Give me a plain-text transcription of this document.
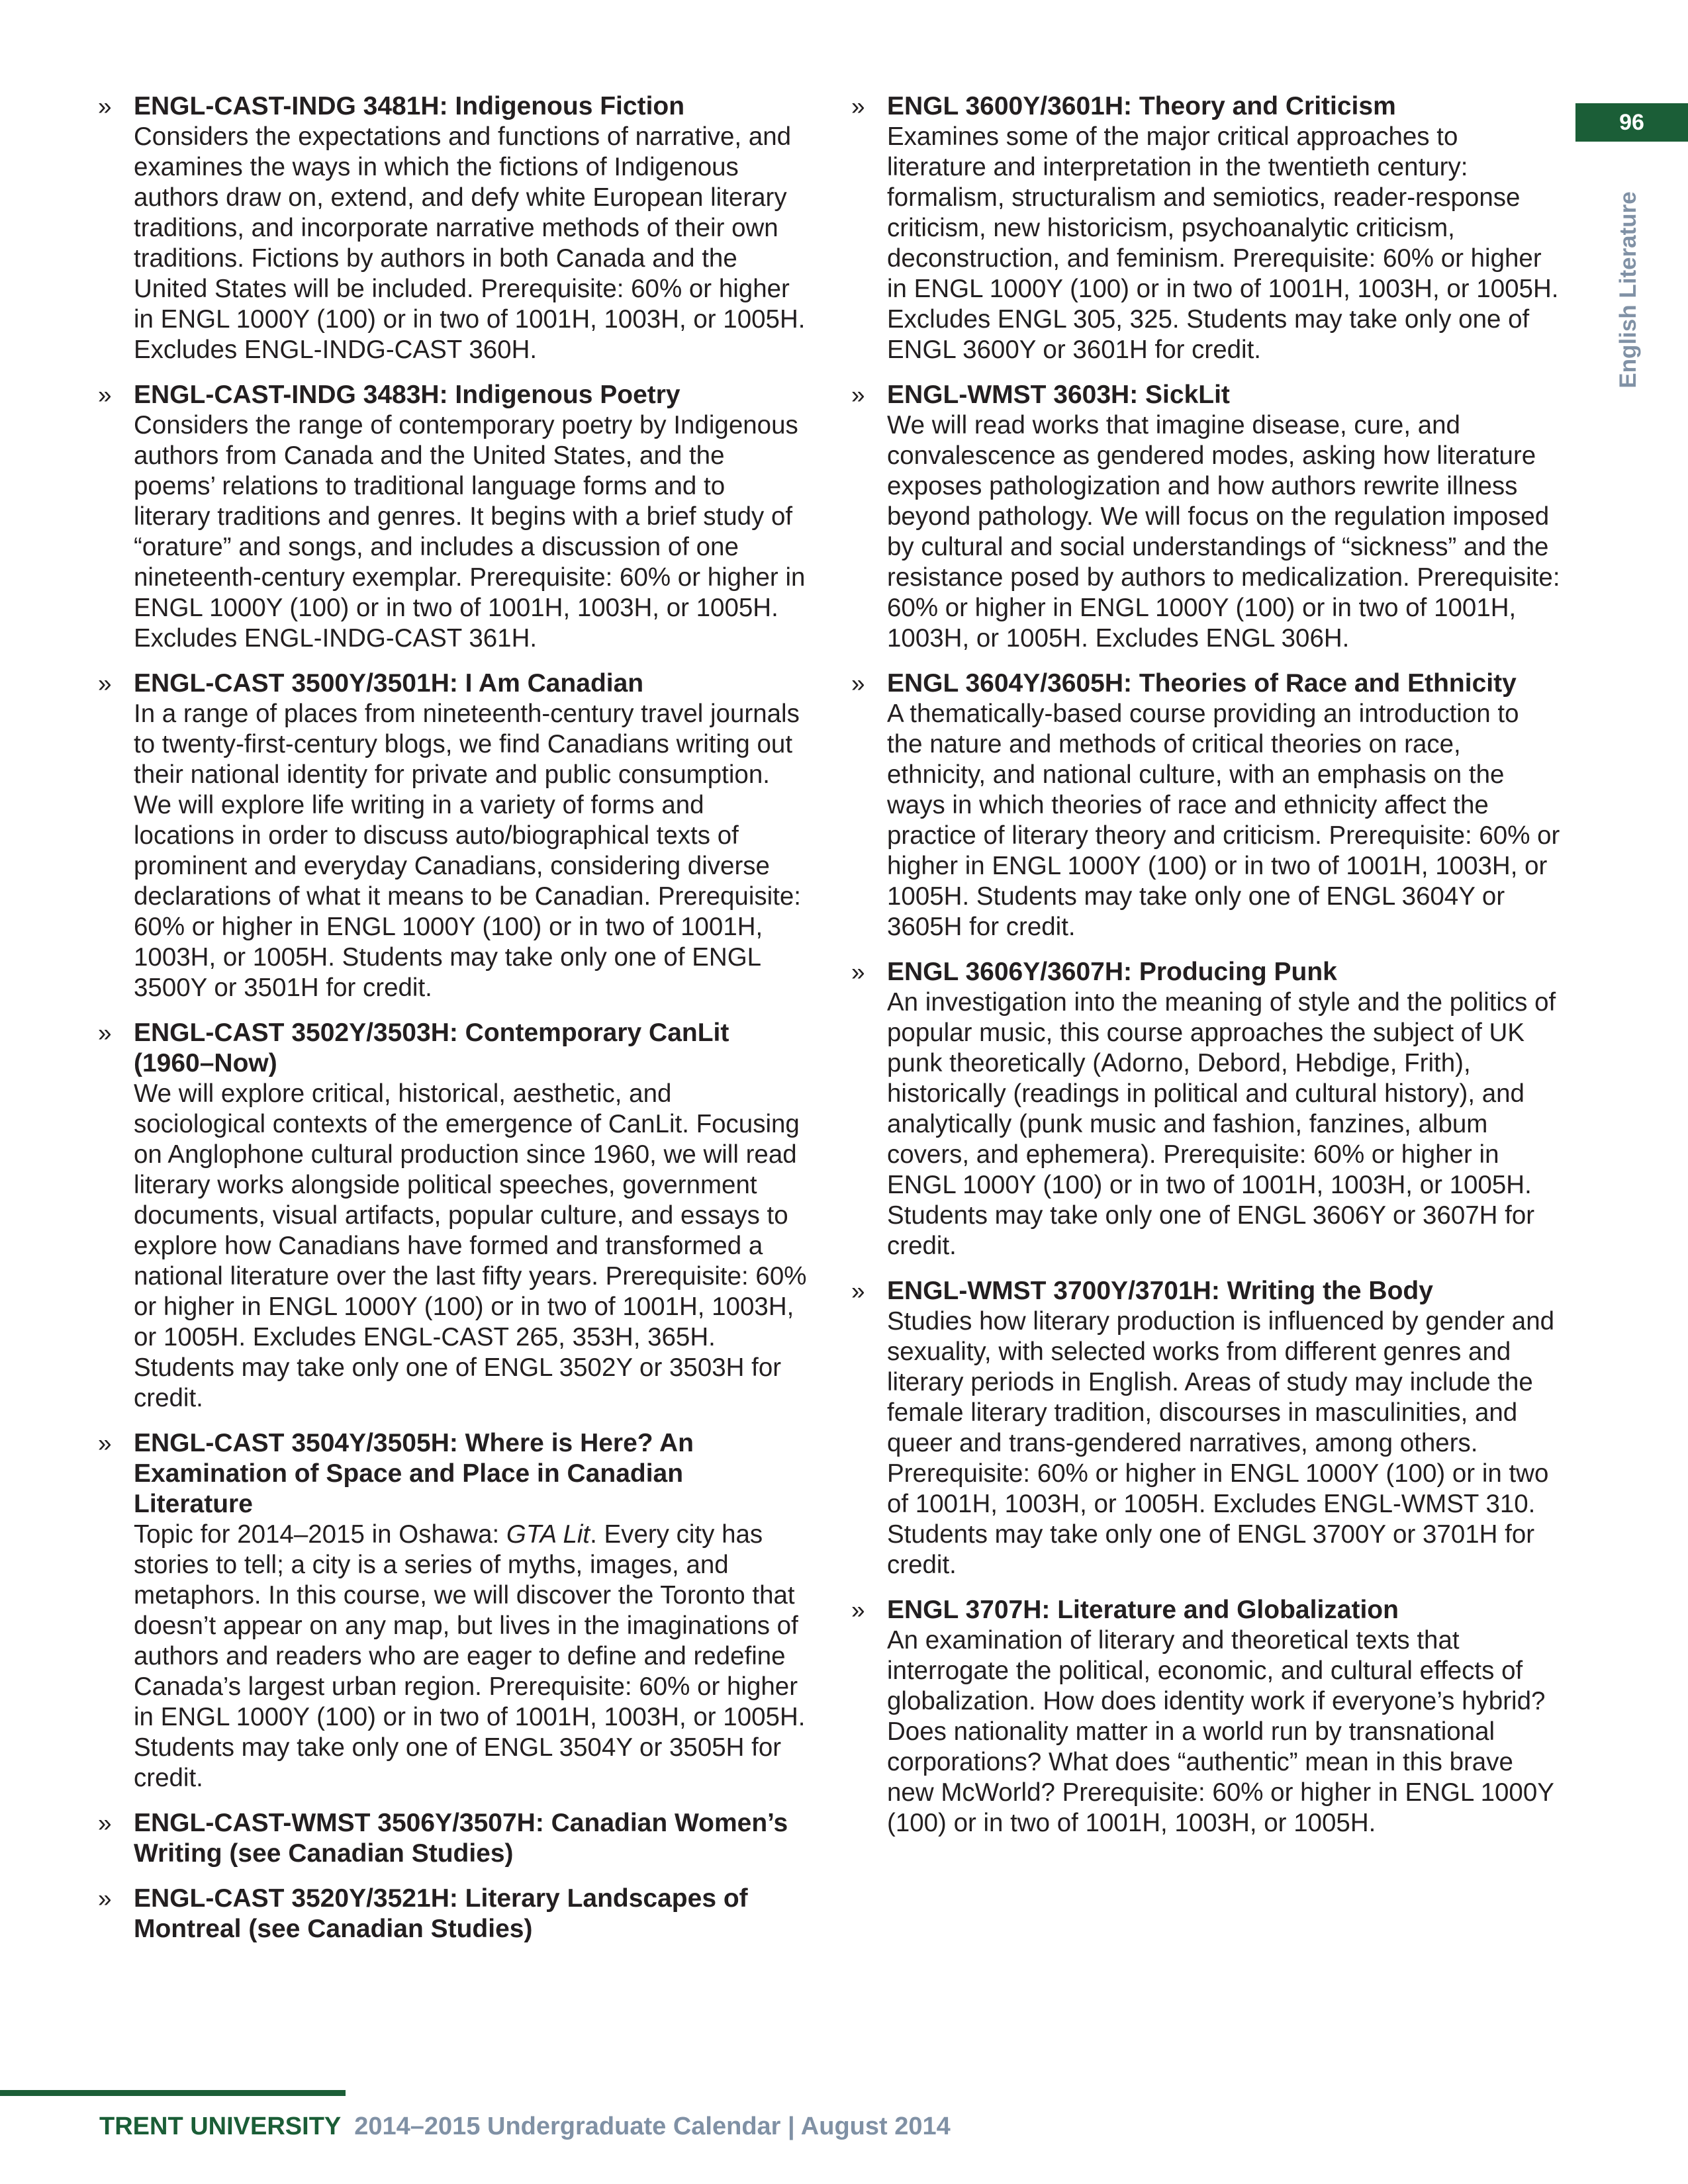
96
English Literature
» ENGL-CAST-INDG 3481H: Indigenous Fiction
Considers the expectations and functions of narrative, and examines the ways in which the fictions of Indigenous authors draw on, extend, and defy white European literary traditions, and incorporate narrative methods of their own traditions. Fictions by authors in both Canada and the United States will be included. Prerequisite: 60% or higher in ENGL 1000Y (100) or in two of 1001H, 1003H, or 1005H. Excludes ENGL-INDG-CAST 360H.
» ENGL-CAST-INDG 3483H: Indigenous Poetry
Considers the range of contemporary poetry by Indigenous authors from Canada and the United States, and the poems’ relations to traditional language forms and to literary traditions and genres. It begins with a brief study of “orature” and songs, and includes a discussion of one nineteenth-century exemplar. Prerequisite: 60% or higher in ENGL 1000Y (100) or in two of 1001H, 1003H, or 1005H. Excludes ENGL-INDG-CAST 361H.
» ENGL-CAST 3500Y/3501H: I Am Canadian
In a range of places from nineteenth-century travel journals to twenty-first-century blogs, we find Canadians writing out their national identity for private and public consumption. We will explore life writing in a variety of forms and locations in order to discuss auto/biographical texts of prominent and everyday Canadians, considering diverse declarations of what it means to be Canadian. Prerequisite: 60% or higher in ENGL 1000Y (100) or in two of 1001H, 1003H, or 1005H. Students may take only one of ENGL 3500Y or 3501H for credit.
» ENGL-CAST 3502Y/3503H: Contemporary CanLit (1960–Now)
We will explore critical, historical, aesthetic, and sociological contexts of the emergence of CanLit. Focusing on Anglophone cultural production since 1960, we will read literary works alongside political speeches, government documents, visual artifacts, popular culture, and essays to explore how Canadians have formed and transformed a national literature over the last fifty years. Prerequisite: 60% or higher in ENGL 1000Y (100) or in two of 1001H, 1003H, or 1005H. Excludes ENGL-CAST 265, 353H, 365H. Students may take only one of ENGL 3502Y or 3503H for credit.
» ENGL-CAST 3504Y/3505H: Where is Here? An Examination of Space and Place in Canadian Literature
Topic for 2014–2015 in Oshawa: GTA Lit. Every city has stories to tell; a city is a series of myths, images, and metaphors. In this course, we will discover the Toronto that doesn’t appear on any map, but lives in the imaginations of authors and readers who are eager to define and redefine Canada’s largest urban region. Prerequisite: 60% or higher in ENGL 1000Y (100) or in two of 1001H, 1003H, or 1005H. Students may take only one of ENGL 3504Y or 3505H for credit.
» ENGL-CAST-WMST 3506Y/3507H: Canadian Women’s Writing (see Canadian Studies)
» ENGL-CAST 3520Y/3521H: Literary Landscapes of Montreal (see Canadian Studies)
» ENGL 3600Y/3601H: Theory and Criticism
Examines some of the major critical approaches to literature and interpretation in the twentieth century: formalism, structuralism and semiotics, reader-response criticism, new historicism, psychoanalytic criticism, deconstruction, and feminism. Prerequisite: 60% or higher in ENGL 1000Y (100) or in two of 1001H, 1003H, or 1005H. Excludes ENGL 305, 325. Students may take only one of ENGL 3600Y or 3601H for credit.
» ENGL-WMST 3603H: SickLit
We will read works that imagine disease, cure, and convalescence as gendered modes, asking how literature exposes pathologization and how authors rewrite illness beyond pathology. We will focus on the regulation imposed by cultural and social understandings of “sickness” and the resistance posed by authors to medicalization. Prerequisite: 60% or higher in ENGL 1000Y (100) or in two of 1001H, 1003H, or 1005H. Excludes ENGL 306H.
» ENGL 3604Y/3605H: Theories of Race and Ethnicity
A thematically-based course providing an introduction to the nature and methods of critical theories on race, ethnicity, and national culture, with an emphasis on the ways in which theories of race and ethnicity affect the practice of literary theory and criticism. Prerequisite: 60% or higher in ENGL 1000Y (100) or in two of 1001H, 1003H, or 1005H. Students may take only one of ENGL 3604Y or 3605H for credit.
» ENGL 3606Y/3607H: Producing Punk
An investigation into the meaning of style and the politics of popular music, this course approaches the subject of UK punk theoretically (Adorno, Debord, Hebdige, Frith), historically (readings in political and cultural history), and analytically (punk music and fashion, fanzines, album covers, and ephemera). Prerequisite: 60% or higher in ENGL 1000Y (100) or in two of 1001H, 1003H, or 1005H. Students may take only one of ENGL 3606Y or 3607H for credit.
» ENGL-WMST 3700Y/3701H: Writing the Body
Studies how literary production is influenced by gender and sexuality, with selected works from different genres and literary periods in English. Areas of study may include the female literary tradition, discourses in masculinities, and queer and trans-gendered narratives, among others. Prerequisite: 60% or higher in ENGL 1000Y (100) or in two of 1001H, 1003H, or 1005H. Excludes ENGL-WMST 310. Students may take only one of ENGL 3700Y or 3701H for credit.
» ENGL 3707H: Literature and Globalization
An examination of literary and theoretical texts that interrogate the political, economic, and cultural effects of globalization. How does identity work if everyone’s hybrid? Does nationality matter in a world run by transnational corporations? What does “authentic” mean in this brave new McWorld? Prerequisite: 60% or higher in ENGL 1000Y (100) or in two of 1001H, 1003H, or 1005H.
TRENT UNIVERSITY 2014–2015 Undergraduate Calendar | August 2014
